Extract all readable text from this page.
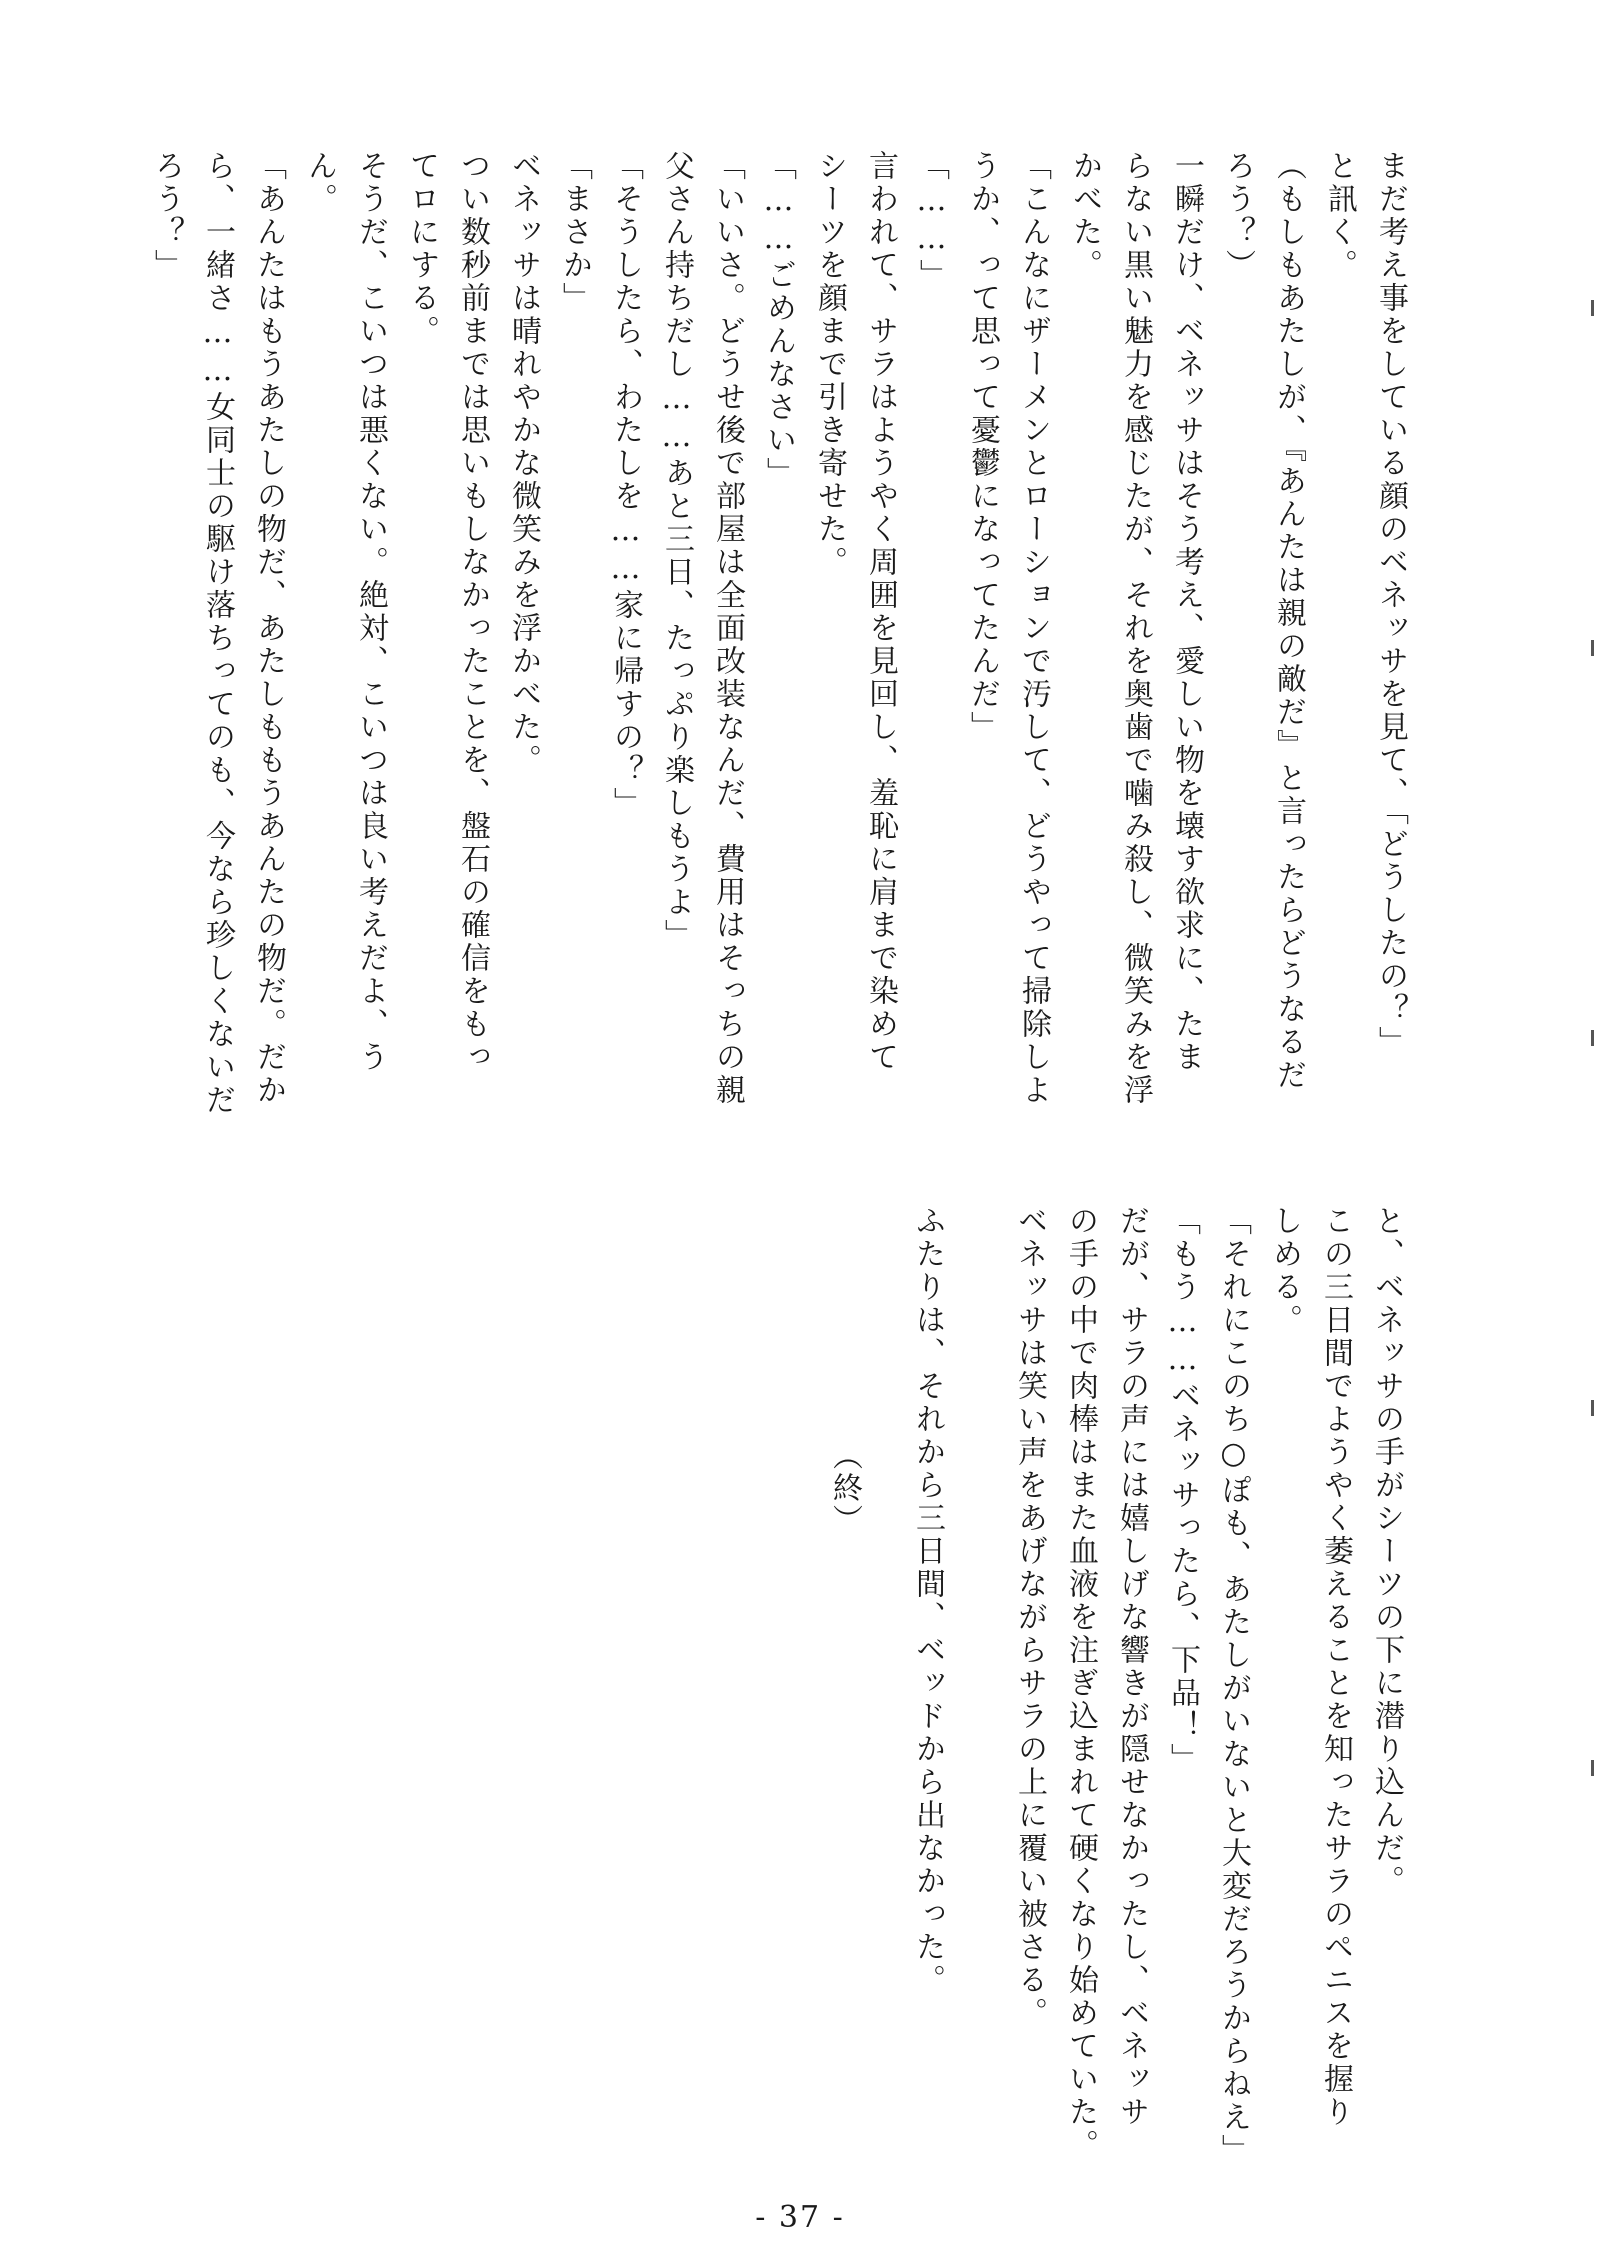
まだ考え事をしている顔のベネッサを見て、「どうしたの？」
と訊く。
（もしもあたしが、『あんたは親の敵だ』と言ったらどうなるだ
ろう？）
一瞬だけ、ベネッサはそう考え、愛しい物を壊す欲求に、たま
らない黒い魅力を感じたが、それを奥歯で噛み殺し、微笑みを浮
かべた。
「こんなにザーメンとローションで汚して、どうやって掃除しよ
うか、って思って憂鬱になってたんだ」
「……」
言われて、サラはようやく周囲を見回し、羞恥に肩まで染めて
シーツを顔まで引き寄せた。
「……ごめんなさい」
「いいさ。どうせ後で部屋は全面改装なんだ、費用はそっちの親
父さん持ちだし……あと三日、たっぷり楽しもうよ」
「そうしたら、わたしを……家に帰すの？」
「まさか」
ベネッサは晴れやかな微笑みを浮かべた。
つい数秒前までは思いもしなかったことを、盤石の確信をもっ
てロにする。
そうだ、こいつは悪くない。絶対、こいつは良い考えだよ、う
ん。
「あんたはもうあたしの物だ、あたしももうあんたの物だ。だか
ら、一緒さ……女同士の駆け落ちってのも、今なら珍しくないだ
ろう？」
と、ベネッサの手がシーツの下に潜り込んだ。
この三日間でようやく萎えることを知ったサラのペニスを握り
しめる。
「それにこのち○ぽも、あたしがいないと大変だろうからねえ」
「もう……ベネッサったら、下品！」
だが、サラの声には嬉しげな響きが隠せなかったし、ベネッサ
の手の中で肉棒はまた血液を注ぎ込まれて硬くなり始めていた。
ベネッサは笑い声をあげながらサラの上に覆い被さる。

ふたりは、それから三日間、ベッドから出なかった。
（終）
- 37 -
